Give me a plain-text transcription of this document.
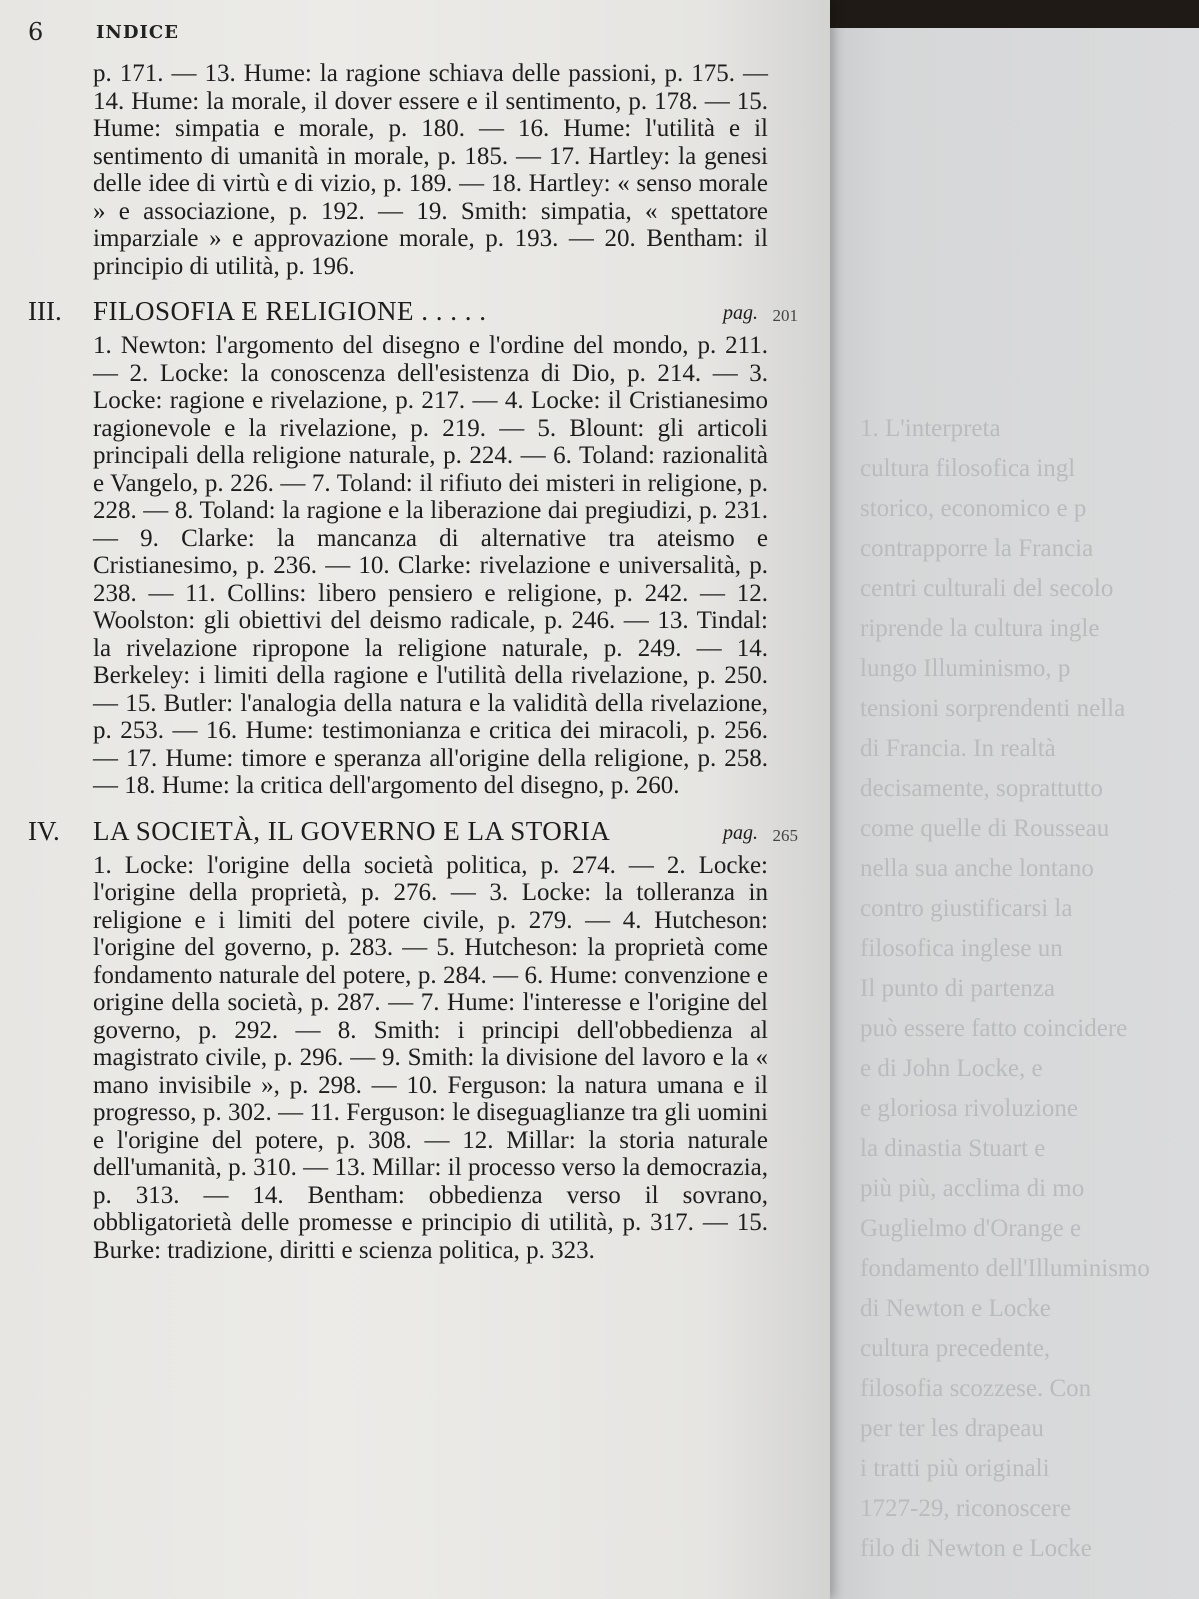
1. L'interpreta
cultura filosofica ingl
storico, economico e p
contrapporre la Francia
centri culturali del secolo
riprende la cultura ingle
lungo Illuminismo, p
tensioni sorprendenti nella
di Francia. In realtà
decisamente, soprattutto
come quelle di Rousseau
nella sua anche lontano
contro giustificarsi la
filosofica inglese un
Il punto di partenza
può essere fatto coincidere
e di John Locke, e
e gloriosa rivoluzione
la dinastia Stuart e
più più, acclima di mo
Guglielmo d'Orange e
fondamento dell'Illuminismo
di Newton e Locke
cultura precedente,
filosofia scozzese. Con
per ter les drapeau
i tratti più originali
1727-29, riconoscere
filo di Newton e Locke
6	INDICE
p. 171. — 13. Hume: la ragione schiava delle passioni, p. 175. — 14. Hume: la morale, il dover essere e il sentimento, p. 178. — 15. Hume: simpatia e morale, p. 180. — 16. Hume: l'utilità e il sentimento di umanità in morale, p. 185. — 17. Hartley: la genesi delle idee di virtù e di vizio, p. 189. — 18. Hartley: « senso morale » e associazione, p. 192. — 19. Smith: simpatia, « spettatore imparziale » e approvazione morale, p. 193. — 20. Bentham: il principio di utilità, p. 196.
III. FILOSOFIA E RELIGIONE . . . . .	pag. 201
1. Newton: l'argomento del disegno e l'ordine del mondo, p. 211. — 2. Locke: la conoscenza dell'esistenza di Dio, p. 214. — 3. Locke: ragione e rivelazione, p. 217. — 4. Locke: il Cristianesimo ragionevole e la rivelazione, p. 219. — 5. Blount: gli articoli principali della religione naturale, p. 224. — 6. Toland: razionalità e Vangelo, p. 226. — 7. Toland: il rifiuto dei misteri in religione, p. 228. — 8. Toland: la ragione e la liberazione dai pregiudizi, p. 231. — 9. Clarke: la mancanza di alternative tra ateismo e Cristianesimo, p. 236. — 10. Clarke: rivelazione e universalità, p. 238. — 11. Collins: libero pensiero e religione, p. 242. — 12. Woolston: gli obiettivi del deismo radicale, p. 246. — 13. Tindal: la rivelazione ripropone la religione naturale, p. 249. — 14. Berkeley: i limiti della ragione e l'utilità della rivelazione, p. 250. — 15. Butler: l'analogia della natura e la validità della rivelazione, p. 253. — 16. Hume: testimonianza e critica dei miracoli, p. 256. — 17. Hume: timore e speranza all'origine della religione, p. 258. — 18. Hume: la critica dell'argomento del disegno, p. 260.
IV. LA SOCIETÀ, IL GOVERNO E LA STORIA	pag. 265
1. Locke: l'origine della società politica, p. 274. — 2. Locke: l'origine della proprietà, p. 276. — 3. Locke: la tolleranza in religione e i limiti del potere civile, p. 279. — 4. Hutcheson: l'origine del governo, p. 283. — 5. Hutcheson: la proprietà come fondamento naturale del potere, p. 284. — 6. Hume: convenzione e origine della società, p. 287. — 7. Hume: l'interesse e l'origine del governo, p. 292. — 8. Smith: i principi dell'obbedienza al magistrato civile, p. 296. — 9. Smith: la divisione del lavoro e la « mano invisibile », p. 298. — 10. Ferguson: la natura umana e il progresso, p. 302. — 11. Ferguson: le diseguaglianze tra gli uomini e l'origine del potere, p. 308. — 12. Millar: la storia naturale dell'umanità, p. 310. — 13. Millar: il processo verso la democrazia, p. 313. — 14. Bentham: obbedienza verso il sovrano, obbligatorietà delle promesse e principio di utilità, p. 317. — 15. Burke: tradizione, diritti e scienza politica, p. 323.
